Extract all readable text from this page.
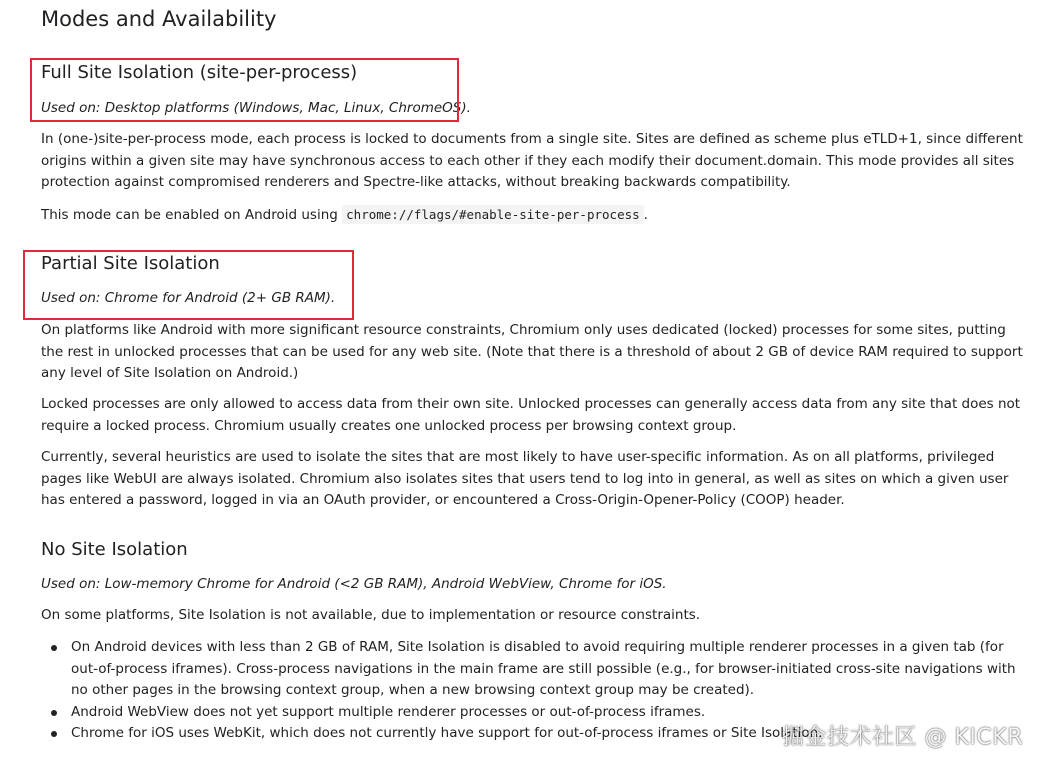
Modes and Availability
Full Site Isolation (site-per-process)
Used on: Desktop platforms (Windows, Mac, Linux, ChromeOS).

In (one-)site-per-process mode, each process is locked to documents from a single site. Sites are defined as scheme plus eTLD+1, since different origins within a given site may have synchronous access to each other if they each modify their document.domain. This mode provides all sites protection against compromised renderers and Spectre-like attacks, without breaking backwards compatibility.

This mode can be enabled on Android using chrome://flags/#enable-site-per-process .

Partial Site Isolation
Used on: Chrome for Android (2+ GB RAM).

On platforms like Android with more significant resource constraints, Chromium only uses dedicated (locked) processes for some sites, putting the rest in unlocked processes that can be used for any web site. (Note that there is a threshold of about 2 GB of device RAM required to support any level of Site Isolation on Android.)

Locked processes are only allowed to access data from their own site. Unlocked processes can generally access data from any site that does not require a locked process. Chromium usually creates one unlocked process per browsing context group.

Currently, several heuristics are used to isolate the sites that are most likely to have user-specific information. As on all platforms, privileged pages like WebUI are always isolated. Chromium also isolates sites that users tend to log into in general, as well as sites on which a given user has entered a password, logged in via an OAuth provider, or encountered a Cross-Origin-Opener-Policy (COOP) header.

No Site Isolation
Used on: Low-memory Chrome for Android (<2 GB RAM), Android WebView, Chrome for iOS.

On some platforms, Site Isolation is not available, due to implementation or resource constraints.

On Android devices with less than 2 GB of RAM, Site Isolation is disabled to avoid requiring multiple renderer processes in a given tab (for out-of-process iframes). Cross-process navigations in the main frame are still possible (e.g., for browser-initiated cross-site navigations with no other pages in the browsing context group, when a new browsing context group may be created).
Android WebView does not yet support multiple renderer processes or out-of-process iframes.
Chrome for iOS uses WebKit, which does not currently have support for out-of-process iframes or Site Isolation.
掘金技术社区 @ KICKR
